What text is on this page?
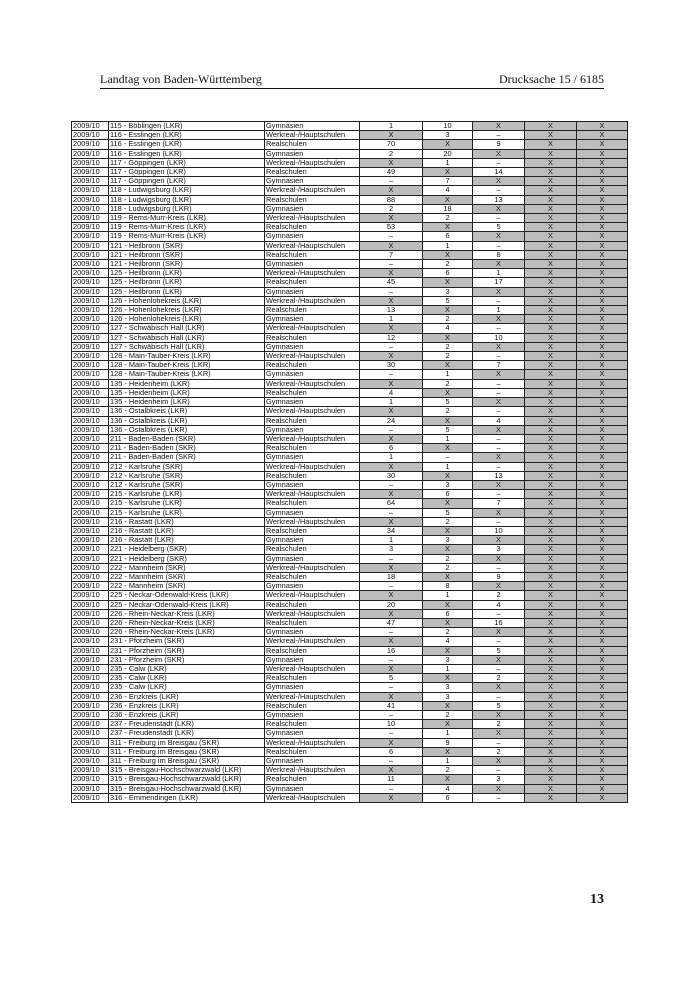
Landtag von Baden-Württemberg	Drucksache 15 / 6185
2009/10	115 - Böblingen (LKR)	Gymnasien	1	10	X	X	X
2009/10	116 - Esslingen (LKR)	Werkreal-/Hauptschulen	X	3	–	X	X
2009/10	116 - Esslingen (LKR)	Realschulen	70	X	9	X	X
2009/10	116 - Esslingen (LKR)	Gymnasien	2	20	X	X	X
2009/10	117 - Göppingen (LKR)	Werkreal-/Hauptschulen	X	1	–	X	X
2009/10	117 - Göppingen (LKR)	Realschulen	49	X	14	X	X
2009/10	117 - Göppingen (LKR)	Gymnasien	–	7	X	X	X
2009/10	118 - Ludwigsburg (LKR)	Werkreal-/Hauptschulen	X	4	–	X	X
2009/10	118 - Ludwigsburg (LKR)	Realschulen	88	X	13	X	X
2009/10	118 - Ludwigsburg (LKR)	Gymnasien	2	18	X	X	X
2009/10	119 - Rems-Murr-Kreis (LKR)	Werkreal-/Hauptschulen	X	2	–	X	X
2009/10	119 - Rems-Murr-Kreis (LKR)	Realschulen	53	X	5	X	X
2009/10	119 - Rems-Murr-Kreis (LKR)	Gymnasien	–	6	X	X	X
2009/10	121 - Heilbronn (SKR)	Werkreal-/Hauptschulen	X	1	–	X	X
2009/10	121 - Heilbronn (SKR)	Realschulen	7	X	8	X	X
2009/10	121 - Heilbronn (SKR)	Gymnasien	–	2	X	X	X
2009/10	125 - Heilbronn (LKR)	Werkreal-/Hauptschulen	X	6	1	X	X
2009/10	125 - Heilbronn (LKR)	Realschulen	45	X	17	X	X
2009/10	125 - Heilbronn (LKR)	Gymnasien	–	3	X	X	X
2009/10	126 - Hohenlohekreis (LKR)	Werkreal-/Hauptschulen	X	5	–	X	X
2009/10	126 - Hohenlohekreis (LKR)	Realschulen	13	X	1	X	X
2009/10	126 - Hohenlohekreis (LKR)	Gymnasien	1	2	X	X	X
2009/10	127 - Schwäbisch Hall (LKR)	Werkreal-/Hauptschulen	X	4	–	X	X
2009/10	127 - Schwäbisch Hall (LKR)	Realschulen	12	X	10	X	X
2009/10	127 - Schwäbisch Hall (LKR)	Gymnasien	–	2	X	X	X
2009/10	128 - Main-Tauber-Kreis (LKR)	Werkreal-/Hauptschulen	X	2	–	X	X
2009/10	128 - Main-Tauber-Kreis (LKR)	Realschulen	30	X	7	X	X
2009/10	128 - Main-Tauber-Kreis (LKR)	Gymnasien	–	1	X	X	X
2009/10	135 - Heidenheim (LKR)	Werkreal-/Hauptschulen	X	2	–	X	X
2009/10	135 - Heidenheim (LKR)	Realschulen	4	X	–	X	X
2009/10	135 - Heidenheim (LKR)	Gymnasien	1	5	X	X	X
2009/10	136 - Ostalbkreis (LKR)	Werkreal-/Hauptschulen	X	2	–	X	X
2009/10	136 - Ostalbkreis (LKR)	Realschulen	24	X	4	X	X
2009/10	136 - Ostalbkreis (LKR)	Gymnasien	–	5	X	X	X
2009/10	211 - Baden-Baden (SKR)	Werkreal-/Hauptschulen	X	1	–	X	X
2009/10	211 - Baden-Baden (SKR)	Realschulen	6	X	–	X	X
2009/10	211 - Baden-Baden (SKR)	Gymnasien	1	–	X	X	X
2009/10	212 - Karlsruhe (SKR)	Werkreal-/Hauptschulen	X	1	–	X	X
2009/10	212 - Karlsruhe (SKR)	Realschulen	30	X	13	X	X
2009/10	212 - Karlsruhe (SKR)	Gymnasien	–	3	X	X	X
2009/10	215 - Karlsruhe (LKR)	Werkreal-/Hauptschulen	X	6	–	X	X
2009/10	215 - Karlsruhe (LKR)	Realschulen	64	X	7	X	X
2009/10	215 - Karlsruhe (LKR)	Gymnasien	–	5	X	X	X
2009/10	216 - Rastatt (LKR)	Werkreal-/Hauptschulen	X	2	–	X	X
2009/10	216 - Rastatt (LKR)	Realschulen	34	X	10	X	X
2009/10	216 - Rastatt (LKR)	Gymnasien	1	3	X	X	X
2009/10	221 - Heidelberg (SKR)	Realschulen	3	X	3	X	X
2009/10	221 - Heidelberg (SKR)	Gymnasien	–	2	X	X	X
2009/10	222 - Mannheim (SKR)	Werkreal-/Hauptschulen	X	2	–	X	X
2009/10	222 - Mannheim (SKR)	Realschulen	18	X	9	X	X
2009/10	222 - Mannheim (SKR)	Gymnasien	–	8	X	X	X
2009/10	225 - Neckar-Odenwald-Kreis (LKR)	Werkreal-/Hauptschulen	X	1	2	X	X
2009/10	225 - Neckar-Odenwald-Kreis (LKR)	Realschulen	20	X	4	X	X
2009/10	226 - Rhein-Neckar-Kreis (LKR)	Werkreal-/Hauptschulen	X	6	–	X	X
2009/10	226 - Rhein-Neckar-Kreis (LKR)	Realschulen	47	X	16	X	X
2009/10	226 - Rhein-Neckar-Kreis (LKR)	Gymnasien	–	2	X	X	X
2009/10	231 - Pforzheim (SKR)	Werkreal-/Hauptschulen	X	4	–	X	X
2009/10	231 - Pforzheim (SKR)	Realschulen	16	X	5	X	X
2009/10	231 - Pforzheim (SKR)	Gymnasien	–	3	X	X	X
2009/10	235 - Calw (LKR)	Werkreal-/Hauptschulen	X	1	–	X	X
2009/10	235 - Calw (LKR)	Realschulen	5	X	2	X	X
2009/10	235 - Calw (LKR)	Gymnasien	–	3	X	X	X
2009/10	236 - Enzkreis (LKR)	Werkreal-/Hauptschulen	X	3	–	X	X
2009/10	236 - Enzkreis (LKR)	Realschulen	41	X	5	X	X
2009/10	236 - Enzkreis (LKR)	Gymnasien	–	2	X	X	X
2009/10	237 - Freudenstadt (LKR)	Realschulen	10	X	2	X	X
2009/10	237 - Freudenstadt (LKR)	Gymnasien	–	1	X	X	X
2009/10	311 - Freiburg im Breisgau (SKR)	Werkreal-/Hauptschulen	X	9	–	X	X
2009/10	311 - Freiburg im Breisgau (SKR)	Realschulen	6	X	2	X	X
2009/10	311 - Freiburg im Breisgau (SKR)	Gymnasien	–	1	X	X	X
2009/10	315 - Breisgau-Hochschwarzwald (LKR)	Werkreal-/Hauptschulen	X	2	–	X	X
2009/10	315 - Breisgau-Hochschwarzwald (LKR)	Realschulen	11	X	3	X	X
2009/10	315 - Breisgau-Hochschwarzwald (LKR)	Gymnasien	–	4	X	X	X
2009/10	316 - Emmendingen (LKR)	Werkreal-/Hauptschulen	X	6	–	X	X
13
